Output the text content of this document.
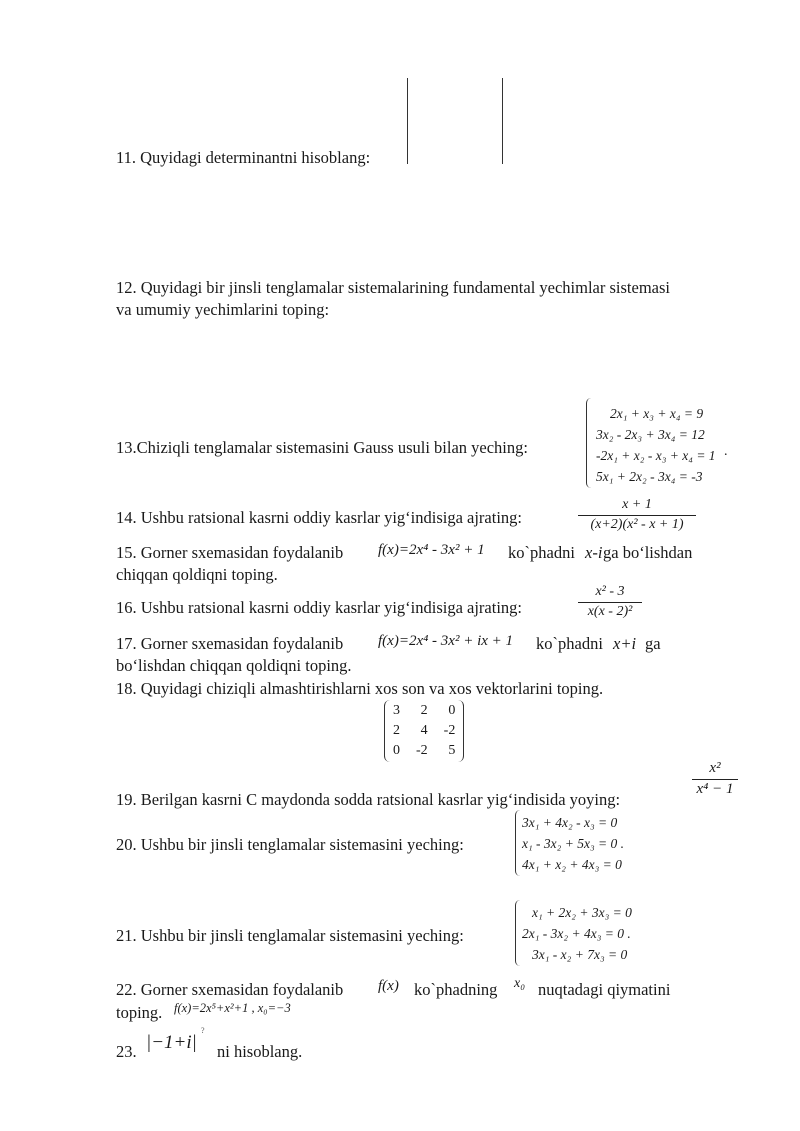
11. Quyidagi determinantni hisoblang:
12. Quyidagi bir jinsli tenglamalar sistemalarining fundamental yechimlar sistemasi
va umumiy yechimlarini toping:
13.Chiziqli tenglamalar sistemasini Gauss usuli bilan yeching:
2x₁ + x₃ + x₄ = 9
3x₂ - 2x₃ + 3x₄ = 12
-2x₁ + x₂ - x₃ + x₄ = 1
5x₁ + 2x₂ - 3x₄ = -3
.
14. Ushbu ratsional kasrni oddiy kasrlar yig‘indisiga ajrating:
x + 1
(x+2)(x² - x + 1)
15. Gorner sxemasidan foydalanib f(x)=2x⁴ - 3x² + 1 ko`phadni x-i ga bo‘lishdan
chiqqan qoldiqni toping.
16. Ushbu ratsional kasrni oddiy kasrlar yig‘indisiga ajrating:
x² - 3
x(x - 2)²
17. Gorner sxemasidan foydalanib f(x)=2x⁴ - 3x² + ix + 1 ko`phadni x+i ga
bo‘lishdan chiqqan qoldiqni toping.
18. Quyidagi chiziqli almashtirishlarni xos son va xos vektorlarini toping.
3	2	0
2	4	-2
0	-2	5
19. Berilgan kasrni C maydonda sodda ratsional kasrlar yig‘indisida yoying:
x²
x⁴ − 1
20. Ushbu bir jinsli tenglamalar sistemasini yeching:
3x₁ + 4x₂ - x₃ = 0
x₁ - 3x₂ + 5x₃ = 0 .
4x₁ + x₂ + 4x₃ = 0
21. Ushbu bir jinsli tenglamalar sistemasini yeching:
x₁ + 2x₂ + 3x₃ = 0
2x₁ - 3x₂ + 4x₃ = 0 .
3x₁ - x₂ + 7x₃ = 0
22. Gorner sxemasidan foydalanib f(x) ko`phadning x₀ nuqtadagi qiymatini
toping. f(x)=2x⁵+x²+1 , x₀=−3
23. |−1+i|
?
ni hisoblang.
